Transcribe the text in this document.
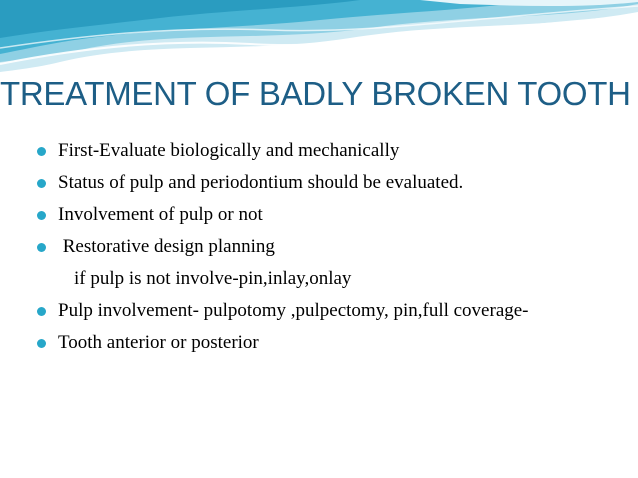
TREATMENT OF BADLY BROKEN TOOTH
First-Evaluate biologically and mechanically
Status of pulp and periodontium should be evaluated.
Involvement of pulp or not
Restorative design planning
if pulp is not involve-pin,inlay,onlay
Pulp involvement- pulpotomy ,pulpectomy, pin,full coverage-
Tooth anterior or posterior
